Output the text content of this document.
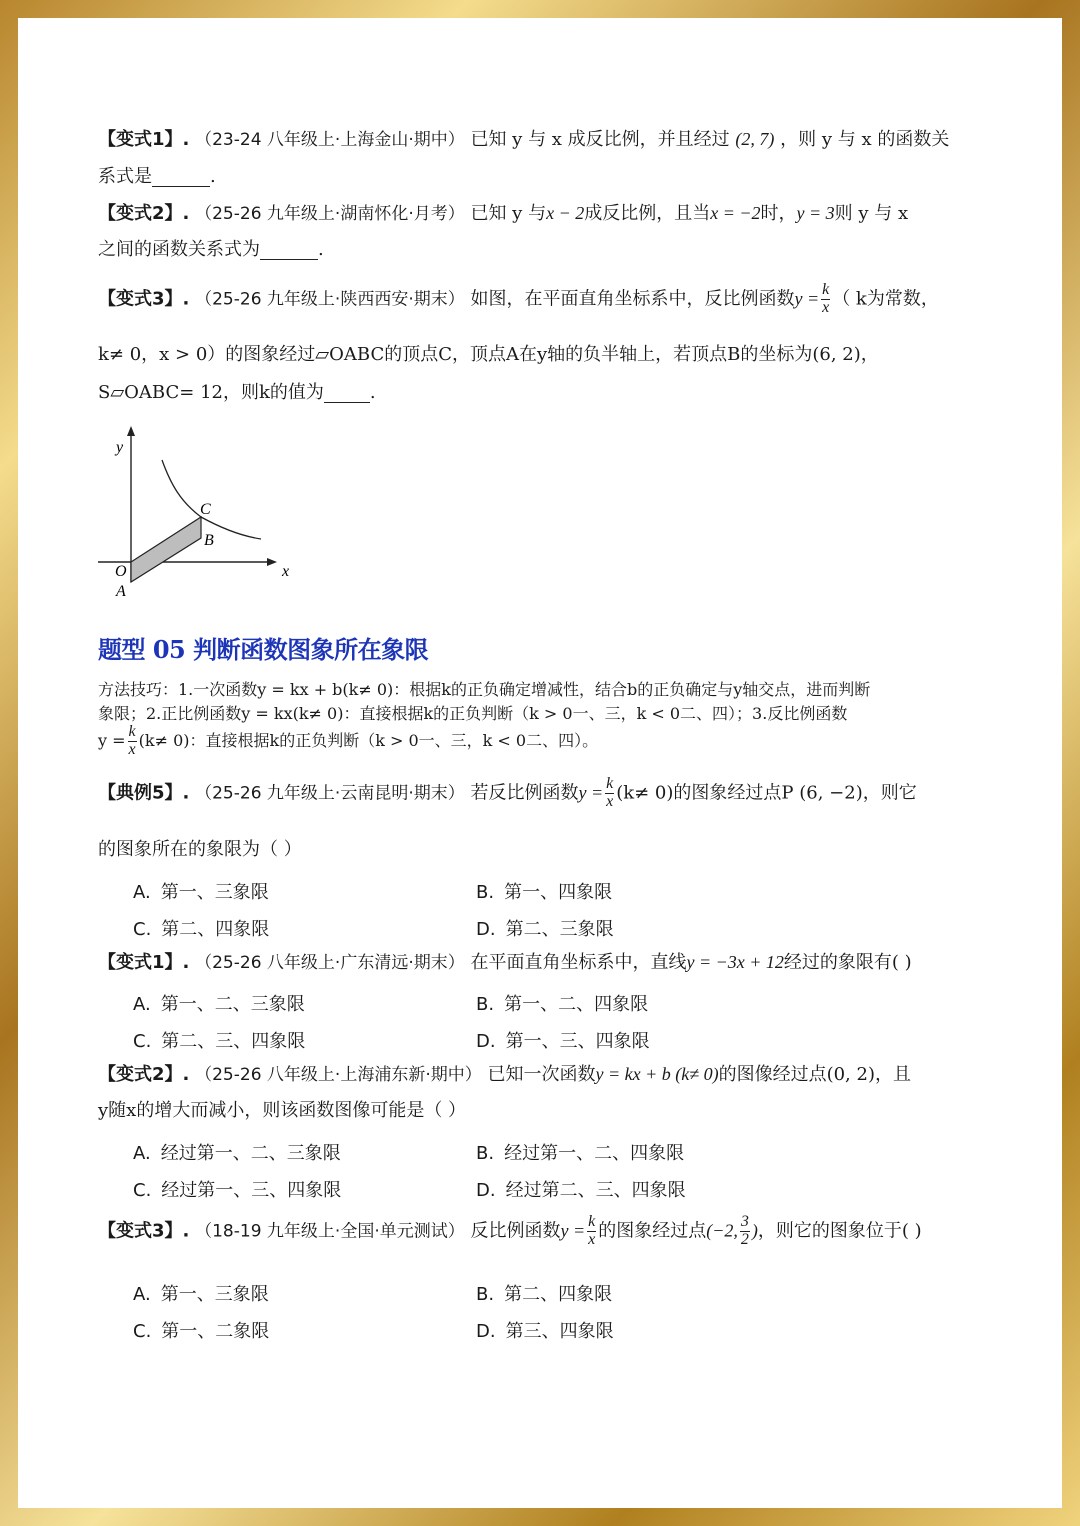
【变式1】. （23-24 八年级上·上海金山·期中） 已知 y 与 x 成反比例，并且经过 (2, 7) ，则 y 与 x 的函数关
系式是	.
【变式2】. （25-26 九年级上·湖南怀化·月考） 已知 y 与x − 2成反比例，且当x = −2时，y = 3则 y 与 x
之间的函数关系式为	.
【变式3】. （25-26 九年级上·陕西西安·期末） 如图，在平面直角坐标系中，反比例函数$y = \frac{k}{x}$ （ k为常数，
k≠ 0，x > 0）的图象经过▱OABC的顶点C，顶点A在y轴的负半轴上，若顶点B的坐标为(6, 2)，
S▱OABC= 12，则k的值为	.
y
x
O
A
B
C
题型 05 判断函数图象所在象限
方法技巧：1.一次函数y = kx + b(k≠ 0)：根据k的正负确定增减性，结合b的正负确定与y轴交点，进而判断
象限；2.正比例函数y = kx(k≠ 0)：直接根据k的正负判断（k > 0一、三，k < 0二、四）；3.反比例函数
$y = \frac{k}{x} (k\ne 0)$：直接根据k的正负判断（k > 0一、三，k < 0二、四）。
【典例5】. （25-26 九年级上·云南昆明·期末） 若反比例函数$y = \frac{k}{x} (k\ne 0)$的图象经过点P (6, −2)，则它
的图象所在的象限为（ ）
A. 第一、三象限	B. 第一、四象限
C. 第二、四象限	D. 第二、三象限
【变式1】. （25-26 八年级上·广东清远·期末） 在平面直角坐标系中，直线y = −3x + 12经过的象限有( )
A. 第一、二、三象限	B. 第一、二、四象限
C. 第二、三、四象限	D. 第一、三、四象限
【变式2】. （25-26 八年级上·上海浦东新·期中） 已知一次函数y = kx + b (k≠ 0)的图像经过点(0, 2)，且
y随x的增大而减小，则该函数图像可能是（ ）
A. 经过第一、二、三象限	B. 经过第一、二、四象限
C. 经过第一、三、四象限	D. 经过第二、三、四象限
【变式3】. （18-19 九年级上·全国·单元测试） 反比例函数$y = \frac{k}{x}$ 的图象经过点(−2, $\frac{3}{2}$ )，则它的图象位于( )
A. 第一、三象限	B. 第二、四象限
C. 第一、二象限	D. 第三、四象限
